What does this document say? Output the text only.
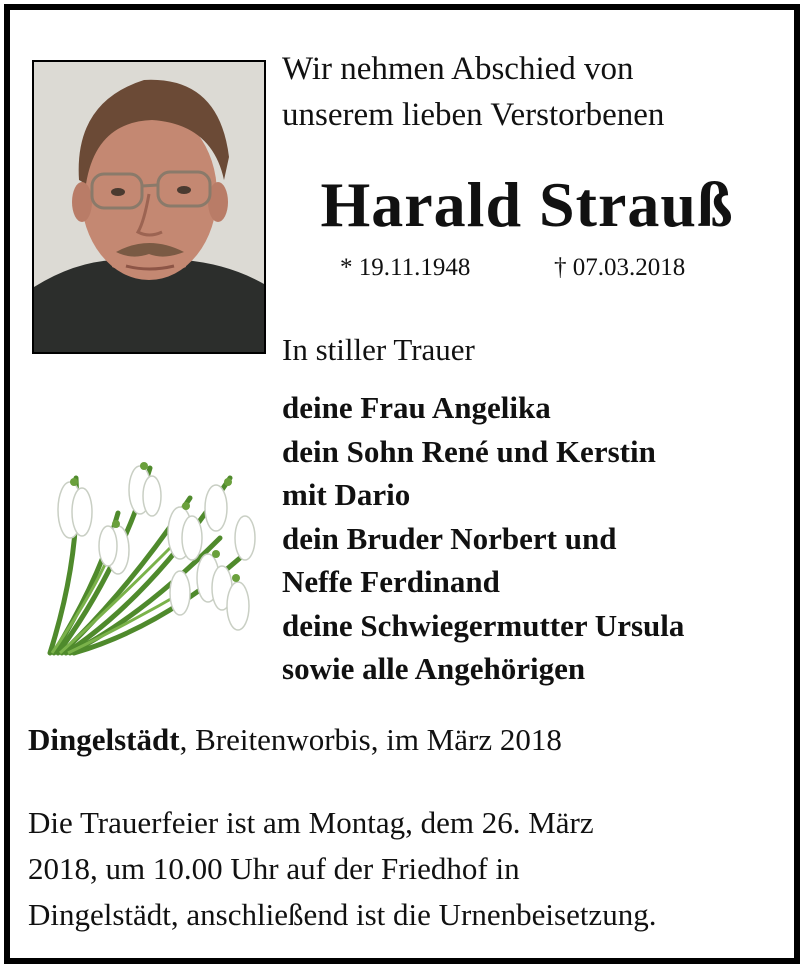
Wir nehmen Abschied von
unserem lieben Verstorbenen
Harald Strauß
* 19.11.1948	† 07.03.2018
In stiller Trauer
deine Frau Angelika
dein Sohn René und Kerstin
mit Dario
dein Bruder Norbert und
Neffe Ferdinand
deine Schwiegermutter Ursula
sowie alle Angehörigen
Dingelstädt, Breitenworbis, im März 2018
Die Trauerfeier ist am Montag, dem 26. März
2018, um 10.00 Uhr auf der Friedhof in
Dingelstädt, anschließend ist die Urnenbeisetzung.
